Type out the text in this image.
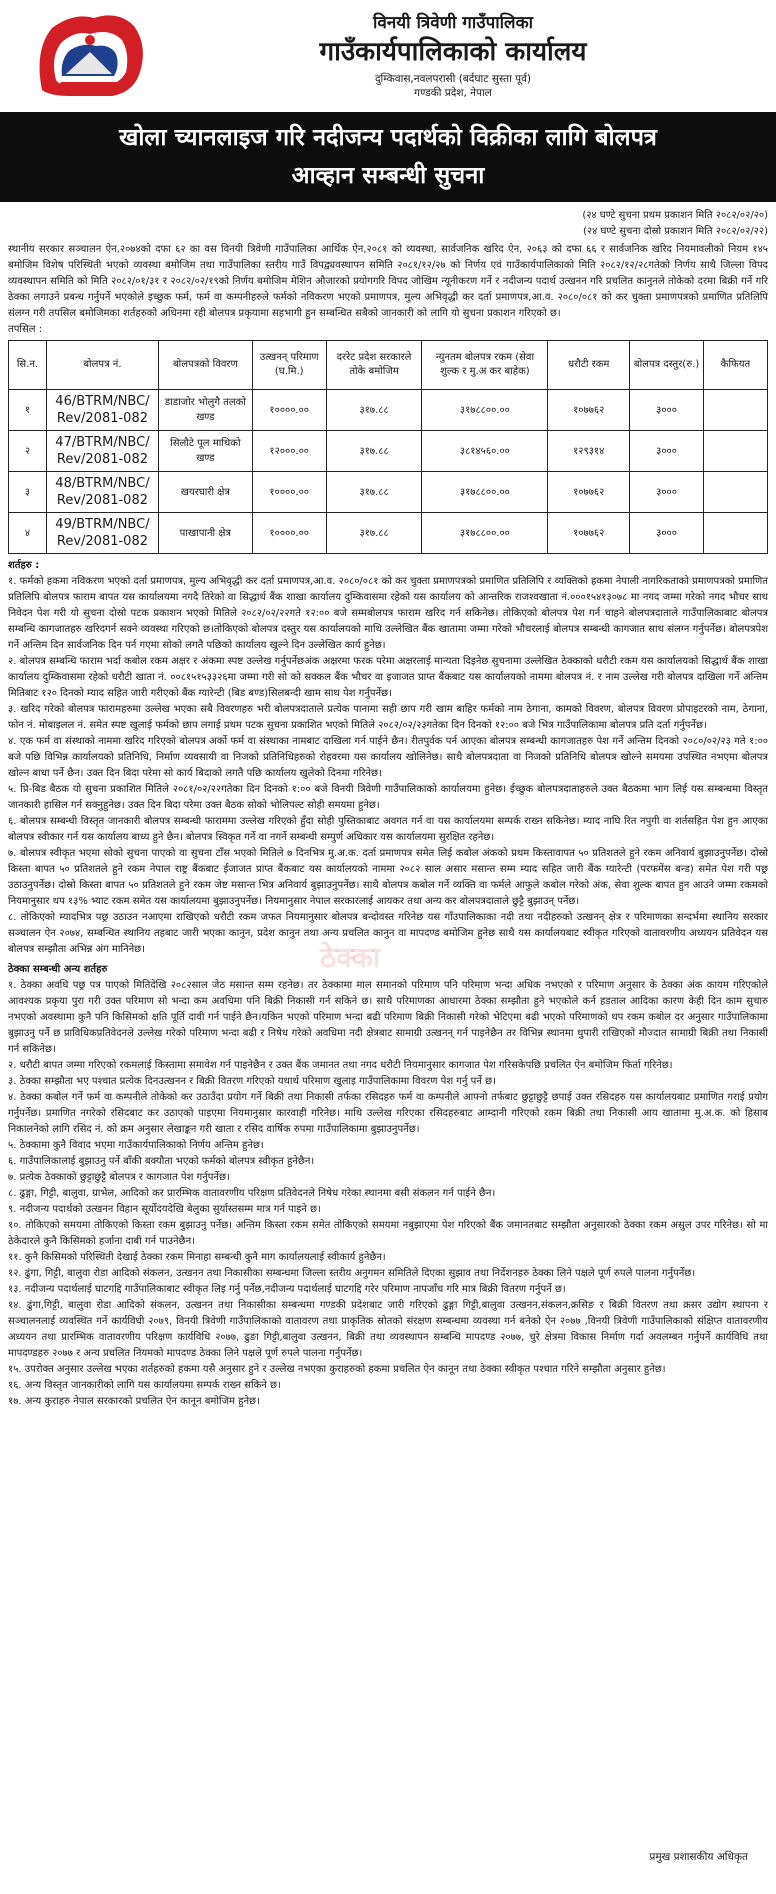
विनयी त्रिवेणी गाउँपालिका

गाउँकार्यपालिकाको कार्यालय

दुम्किवास,नवलपरासी (बर्दघाट सुस्ता पूर्व)

गण्डकी प्रदेश, नेपाल

खोला च्यानलाइज गरि नदीजन्य पदार्थको विक्रीका लागि बोलपत्र
आव्हान सम्बन्धी सुचना
(२४ घण्टे सुचना प्रथम प्रकाशन मिति २०८२/०२/२०)
(२४ घण्टे सुचना दोस्रो प्रकाशन मिति २०८२/०२/२२)
स्थानीय सरकार सञ्चालन ऐन,२०७४को दफा ६२ का वस विनयी त्रिवेणी गाउँपालिका आर्थिक ऐन,२०८१ को व्यवस्था, सार्वजनिक खरिद ऐन, २०६३ को दफा ६६ र सार्वजनिक खरिद नियमावलीको नियम १४५ बमोजिम विशेष परिस्थिती भएको व्यवस्था बमोजिम तथा गाउँपालिका स्तरीय गाउँ विपद्व्यवस्थापन समिति २०८१/१२/२७ को निर्णय एवं गाउँकार्यपालिकाको मिति २०८२/१२/२८गतेको निर्णय साथै जिल्ला विपद व्यवस्थापन समिति को मिति २०८२/०१/३१ र २०८२/०२/१९को निर्णय बमोजिम मेशिन औजारको प्रयोगगरि विपद जोखिम न्यूनीकरण गर्ने र नदीजन्य पदार्थ उत्खनन गरि प्रचलित कानुनले तोकेको दरमा बिक्री गर्ने गरि ठेक्का लगाउने प्रबन्ध गर्नुपर्ने भएकोले इच्छुक फर्म, फर्म वा कम्पनीहरुले फर्मको नविकरण भएको प्रमाणपत्र, मुल्य अभिवृद्धी कर दर्ता प्रमाणपत्र,आ.व. २०८०/०८१ को कर चुक्ता प्रमाणपत्रको प्रमाणित प्रतिलिपि संलग्न गरी तपसिल बमोजिमका शर्तहरुको अधिनमा रही बोलपत्र प्रकृयामा सहभागी हुन सम्बन्धित सबैको जानकारी को लागि यो सुचना प्रकाशन गरिएको छ।
तपसिल :
सि.न.	बोलपत्र नं.	बोलपत्रको विवरण	उत्खनन् परिमाण (घ.मि.)	दररेट प्रदेश सरकारले तोके बमोजिम	न्युनतम बोलपत्र रकम (सेवा शुल्क र मु.अ कर बाहेक)	धरौटी रकम	बोलपत्र दस्तुर(रु.)	कैफियत
१	46/BTRM/NBC/ Rev/2081-082	डाडाजोर भोलुगै तलको खण्ड	१००००.००	३१७.८८	३१७८८००.००	१०७७६२	३०००	
२	47/BTRM/NBC/ Rev/2081-082	सिलौटे पूल माथिको खण्ड	१२०००.००	३१७.८८	३८१४५६०.००	१२९३१४	३०००	
३	48/BTRM/NBC/ Rev/2081-082	खयरघारी क्षेत्र	१००००.००	३१७.८८	३१७८८००.००	१०७७६२	३०००	
४	49/BTRM/NBC/ Rev/2081-082	पाखापानी क्षेत्र	१००००.००	३१७.८८	३१७८८००.००	१०७७६२	३०००	
शर्तहरु :
१. फर्मको हकमा नविकरण भएको दर्ता प्रमाणपत्र, मुल्य अभिवृद्धी कर दर्ता प्रमाणपत्र,आ.व. २०८०/०८१ को कर चुक्ता प्रमाणपत्रको प्रमाणित प्रतिलिपि र व्यक्तिको हकमा नेपाली नागरिकताको प्रमाणपत्रको प्रमाणित प्रतिलिपि बोलपत्र फाराम बापत यस कार्यालयमा नगदै तिरेको वा सिद्धार्थ बैंक शाखा कार्यालय दुम्किवासमा रहेको यस कार्यालय को आन्तरिक राजश्वखाता नं.०००१५४१३०७८ मा नगद जम्मा गरेको नगद भौचर साथ निवेदन पेश गरी यो सुचना दोस्रो पटक प्रकाशन भएको मितिले २०८२/०२/२२गते १२:०० बजे सम्मबोलपत्र फाराम खरिद गर्न सकिनेछ। तोकिएको बोलपत्र पेश गर्न चाहने बोलपत्रदाताले गाउँपालिकाबाट बोलपत्र सम्बन्धि कागजातहरु खरिदगर्न सक्ने व्यवस्था गरिएको छ।तोकिएको बोलपत्र दस्तुर यस कार्यालयको माथि उल्लेखित बैंक खातामा जम्मा गरेको भौचरलाई बोलपत्र सम्बन्धी कागजात साथ संलग्न गर्नुपर्नेछ। बोलपत्रपेश गर्ने अन्तिम दिन सार्वजनिक दिन पर्न गएमा सोको लगतै पछिको कार्यालय खुल्ने दिन उल्लेखित कार्य हुनेछ।
२. बोलपत्र सम्बन्धि फाराम भर्दा कबोल रकम अक्षर र अंकमा स्पष्ट उल्लेख गर्नुपर्नेछअंक अक्षरमा फरक परेमा अक्षरलाई मान्यता दिइनेछ सुचनामा उल्लेखित ठेक्काको धरौटी रकम यस कार्यालयको सिद्धार्थ बैंक शाखा कार्यालय दुम्किवासमा रहेको धरौटी खाता नं. ००८१५१५३३२६मा जम्मा गरी सो को सक्कल बैंक भौचर वा इजाजत प्राप्त बैंकबाट यस कार्यालयको नाममा बोलपत्र नं. र नाम उल्लेख गरी बोलपत्र दाखिला गर्ने अन्तिम मितिबाट १२० दिनको म्याद सहित जारी गरीएको बैंक ग्यारेन्टी (बिड बण्ड)सिलबन्दी खाम साथ पेश गर्नुपर्नेछ।
३. खरिद गरेको बोलपत्र फारामहरुमा उल्लेख भएका सबै विवरणहरु भरी बोलपत्रदाताले प्रत्येक पानामा सही छाप गरी खाम बाहिर फर्मको नाम ठेगाना, कामको विवरण, बोलपत्र विवरण प्रोपाइटरको नाम, ठेगाना, फोन नं. मोबाइलल नं. समेत स्पष्ट खुलाई फर्मको छाप लगाई प्रथम पटक सुचना प्रकाशित भएको मितिले २०८२/०२/२३गतेका दिन दिनको १२:०० बजे भित्र गाउँपालिकामा बोलपत्र प्रति दर्ता गर्नुपर्नेछ।
४. एक फर्म वा संस्थाको नाममा खरिद गरिएको बोलपत्र अर्को फर्म वा संस्थाका नामबाट दाखिला गर्न पाईने छैन। रीतपुर्वक पर्न आएका बोलपत्र सम्बन्धी कागजातहरु पेश गर्ने अन्तिम दिनको २०८०/०२/२३ गते १:०० बजे पछि विभिन्न कार्यालयको प्रतिनिधि, निर्माण व्यवसायी वा निजको प्रतिनिधिहरुको रोहवरमा यस कार्यालय खोलिनेछ। साथै बोलपत्रदाता वा निजको प्रतिनिधि बोलपत्र खोल्ने समयमा उपस्थित नभएमा बोलपत्र खोल्न बाधा पर्ने छैन। उक्त दिन बिदा परेमा सो कार्य बिदाको लगतै पछि कार्यालय खुलेको दिनमा गरिनेछ।
५. प्रि-बिड बैठक यो सुचना प्रकाशित मितिले २०८१/०२/२२गतेका दिन दिनको १:०० बजे विनयी त्रिवेणी गाउँपालिकाको कार्यालयमा हुनेछ। ईच्छुक बोलपत्रदाताहरुले उक्त बैठकमा भाग लिई यस सम्बन्धमा विस्तृत जानकारी हासिल गर्न सक्नुहुनेछ। उक्त दिन बिदा परेमा उक्त बैठक सोको भोलिपल्ट सोही समयमा हुनेछ।
६. बोलपत्र सम्बन्धी विस्तृत जानकारी बोलपत्र सम्बन्धी फाराममा उल्लेख गरिएको हुँदा सोही पुस्तिकाबाट अवगत गर्न वा यस कार्यालयमा सम्पर्क राख्न सकिनेछ। म्याद नाघि रित नपुगी वा शर्तसहित पेश हुन आएका बोलपत्र स्वीकार गर्न यस कार्यालय बाध्य हुने छैन। बोलपत्र स्विकृत गर्ने वा नगर्ने सम्बन्धी सम्पुर्ण अधिकार यस कार्यालयमा सुरक्षित रहनेछ।
७. बोलपत्र स्वीकृत भएमा सोको सुचना पाएको वा सुचना टाँस भएको मितिले ७ दिनभित्र मु.अ.क. दर्ता प्रमाणपत्र समेत लिई कबोल अंकको प्रथम किस्तावापत ५० प्रतिशतले हुने रकम अनिवार्य बुझाउनुपर्नेछ। दोस्रो किस्ता बापत ५० प्रतिशतले हुने रकम नेपाल राष्ट्र बैंकबाट ईजाजत प्राप्त बैंकबाट यस कार्यालयको नाममा २०८२ साल असार मसान्त सम्म म्याद सहित जारी बैंक ग्यारेन्टी (परफमेंस बन्ड) समेत पेश गरी पछ्र उठाउनुपर्नेछ। दोस्रो किस्ता बापत ५० प्रतिशतले हुने रकम जेष्ट मसान्त भित्र अनिवार्य बुझाउनुपर्नेछ। साथै बोलपत्र कबोल गर्ने व्यक्ति वा फर्मले आफुले कबोल गरेको अंक, सेवा शुल्क बापत हुन आउने जम्मा रकमको नियमानुसार थप १३% भ्याट रकम समेत यस कार्यालयमा बुझाउनुपर्नेछ। नियमानुसार नेपाल सरकारलाई आयकर तथा अन्य कर बोलपत्रदाताले छुट्टै बुझाउन् पर्नेछ।
८. तोकिएको म्यादभित्र पछ्र उठाउन नआएमा राखिएको धरौटी रकम जफत नियमानुसार बोलपत्र बन्दोवस्त गरिनेछ यस गाँउपालिकाका नदी तथा नदीहरुको उत्खनन् क्षेत्र र परिमाणका सन्दर्भमा स्थानिय सरकार सञ्चालन ऐन २०७४, सम्बन्धित स्थानिय तहबाट जारी भएका कानुन, प्रदेश कानुन तथा अन्य प्रचलित कानुन वा मापदण्ड बमोजिम हुनेछ साथै यस कार्यालयबाट स्वीकृत गरिएको वातावरणीय अध्ययन प्रतिवेदन यस बोलपत्र सम्झौता अभिन्न अंग मानिनेछ।
ठेक्का सम्बन्धी अन्य शर्तहरु
१. ठेक्का अवधि पछ्र पत्र पाएको मितिदेखि २०८२साल जेठ मसान्त सम्म रहनेछ। तर ठेक्कामा माल समानको परिमाण पनि परिमाण भन्दा अधिक नभएको र परिमाण अनुसार के ठेक्का अंक कायम गरिएकोले आवश्यक प्रकृया पुरा गरी उक्त परिमाण सो भन्दा कम अवधिमा पनि बिक्री निकासी गर्न सकिने छ। साथै परिमाणका आधारमा ठेक्का सम्झौता हुने भएकोले कर्न हडताल आदिका कारण केही दिन काम सुचारु नभएको अवस्थामा कुनै पनि किसिमको क्षति पूर्ति दावी गर्न पाईने छैन।यकिन भएको परिमाण भन्दा बढी परिमाण बिक्री निकासी गरेको भेटिएमा बढी भएको परिमाणको थप रकम कबोल दर अनुसार गाउँपालिकामा बुझाउनु पर्ने छ प्राविधिकप्रतिवेदनले उल्लेख गरेको परिमाण भन्दा बढी र निषेध गरेको अवधिमा नदी क्षेत्रबाट सामाग्री उत्खनन् गर्न पाइनेछैन तर विभिन्न स्थानमा थुपारी राखिएको मौज्दात सामाग्री बिक्री तथा निकासी गर्न सकिनेछ।
२. धरौटी बापत जम्मा गरिएको रकमलाई किस्तामा समावेश गर्न पाइनेछैन र उक्त बैंक जमानत तथा नगद धरौटी नियमानुसार कागजात पेश गरिसकेपछि प्रचलित ऐन बमोजिम फिर्ता गरिनेछ।
३. ठेक्का सम्झौता भए पश्चात प्रत्येक दिनउत्खनन र बिक्री वितरण गरिएको यथार्थ परिमाण खुलाइ गाउँपालिकामा विवरण पेश गर्नु पर्ने छ।
४. ठेक्का कबोल गर्ने फर्म वा कम्पनीले तोकेको कर उठाउँदा प्रयोग गर्ने बिक्री तथा निकासी तर्फका रसिदहरु फर्म वा कम्पनीले आफ्नो तर्फबाट छुट्टाछुट्टै छपाई उक्त रसिदहरु यस कार्यालयबाट प्रमाणित गराई प्रयोग गर्नुपर्नेछ। प्रमाणित नगरेको रसिदबाट कर उठाएको पाइएमा नियमानुसार कारवाही गरिनेछ। माथि उल्लेख गरिएका रसिदहरुबाट आम्दानी गरिएको रकम बिक्री तथा निकासी आय खातामा मु.अ.क. को हिसाब निकालनेको लागि रसिद नं. को क्रम अनुसार लेखाङ्कन गरी खाता र रसिद वार्षिक रुपमा गाउँपालिकामा बुझाउनुपर्नेछ।
५. ठेक्कामा कुनै विवाद भएमा गाउँकार्यपालिकाको निर्णय अन्तिम हुनेछ।
६. गाउँपालिकालाई बुझाउनु पर्ने बाँकी बक्यौता भएको फर्मको बोलपत्र स्वीकृत हुनेछैन।
७. प्रत्येक ठेक्काको छुट्टाछुट्टै बोलपत्र र कागजात पेश गर्नुपर्नेछ।
८. ढुङ्गा, गिट्टी, बालुवा, ग्राभेल, आदिको कर प्रारम्भिक वातावरणीय परिक्षण प्रतिवेदनले निषेध गरेका स्थानमा बसी संकलन गर्न पाईने छैन।
९. नदीजन्य पदार्थको उत्खनन विहान सूर्योदयदेखि बेलुका सुर्यास्तसम्म मात्र गर्न पाइने छ।
१०. तोकिएको समयमा तोकिएको किस्ता रकम बुझाउनु पर्नेछ। अन्तिम किस्ता रकम समेत तोकिएको समयमा नबुझाएमा पेश गरिएको बैंक जमानतबाट सम्झौता अनुसारको ठेक्का रकम असुल उपर गरिनेछ। सो मा ठेकेदारले कुनै किसिमको हर्जाना दाबी गर्न पाउनेछैन।
११. कुनै किसिमको परिस्थिती देखाई ठेक्का रकम मिनाहा सम्बन्धी कुनै माग कार्यालयलाई स्वीकार्य हुनेछैन।
१२. ढुंगा, गिट्टी, बालुवा रोडा आदिको संकलन, उत्खनन तथा निकासीका सम्बन्धमा जिल्ला स्तरीय अनुगमन समितिले दिएका सुझाव तथा निर्देशनहरु ठेक्का लिने पक्षले पूर्ण रुपले पालना गर्नुपर्नेछ।
१३. नदीजन्य पदार्थलाई घाटगद्दि गाउँपालिकाबाट स्वीकृत लिइ गर्नु पर्नेछ,नदीजन्य पदार्थलाई घाटगद्दि गरेर परिमाण नापजाँच गरि मात्र बिक्री वितरण गर्नुपर्ने छ।
१४. ढुंगा,गिट्टी, बालुवा रोडा आदिको संकलन, उत्खनन तथा निकासीका सम्बन्धमा गण्डकी प्रदेशबाट जारी गरिएको ढुङ्गा गिट्टी,बालुवा उत्खनन,संकलन,क्रसिङ र बिक्री वितरण तथा क्रसर उद्योग स्थापना र सञ्चालनलाई व्यवस्थित गर्ने कार्यविधी २०७९, विनयी त्रिवेणी गाउँपालिकाको वातावरण तथा प्राकृतिक स्रोतको संरक्षण सम्बन्धमा व्यवस्था गर्न बनेको ऐन २०७७ ,विनयी त्रिवेणी गाउँपालिकाको संक्षिप्त वातावरणीय अध्ययन तथा प्रारम्भिक वातावरणीय परिक्षण कार्यविधि २०७७, ढुङा गिट्टी,बालुवा उत्खनन, बिक्री तथा व्यवस्थापन सम्बन्धि मापदण्ड २०७७, चुरे क्षेत्रमा विकास निर्माण गर्दा अवलम्बन गर्नुपर्ने कार्यविधि तथा मापदण्डहरु २०७७ र अन्य प्रचलित नियमको मापदण्ड ठेक्का लिने पक्षले पूर्ण रुपले पालना गर्नुपर्नेछ।
१५. उपरोक्त अनुसार उल्लेख भएका शर्तहरुको हकमा यसै अनुसार हुने र उल्लेख नभएका कुराहरुको हकमा प्रचलित ऐन कानून तथा ठेक्का स्वीकृत पश्चात गरिने सम्झौता अनुसार हुनेछ।
१६. अन्य विस्तृत जानकारीको लागि यस कार्यालयमा सम्पर्क राख्न सकिने छ।
१७. अन्य कुराहरु नेपाल सरकारको प्रचलित ऐन कानून बमोजिम हुनेछ।
ठेक्का
प्रमुख प्रशासकीय अधिकृत
